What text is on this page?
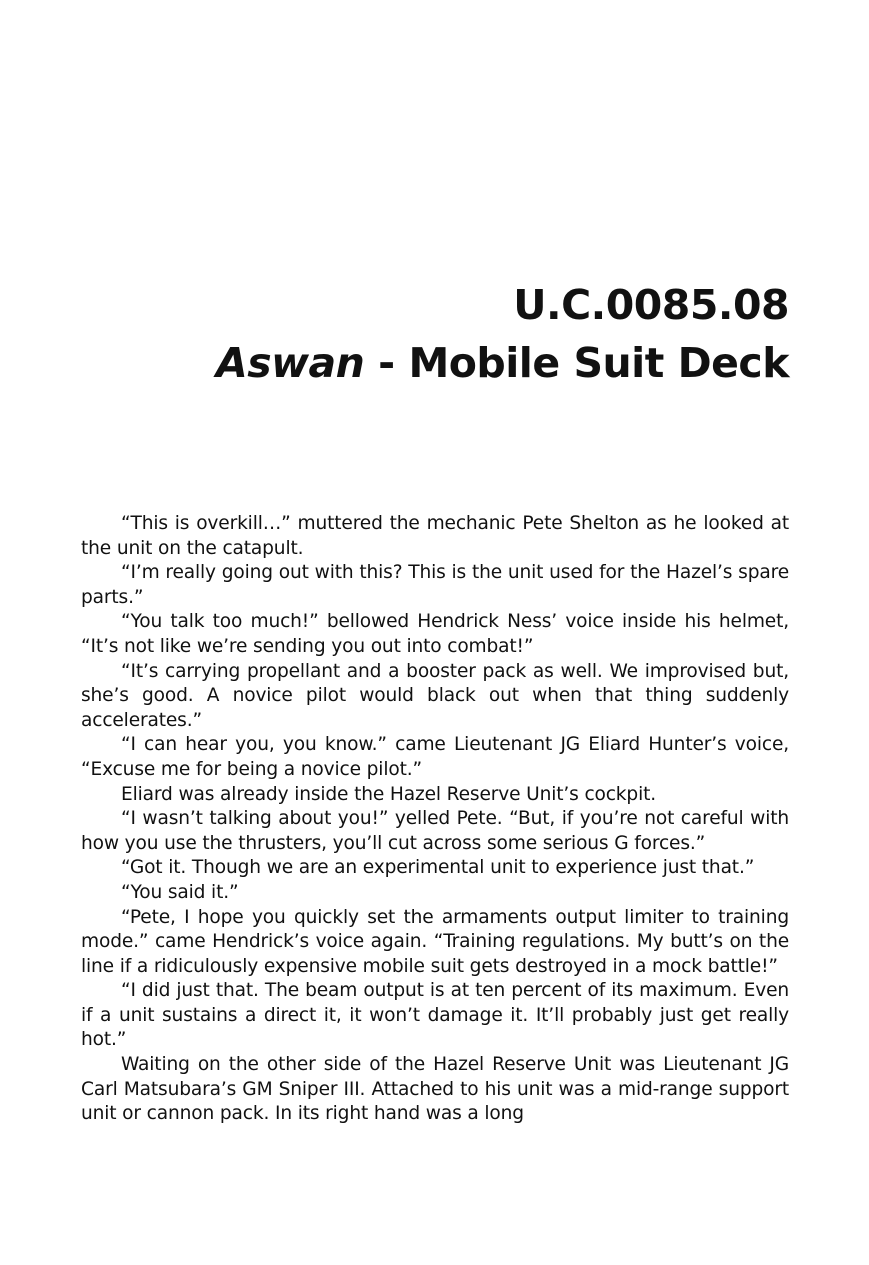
U.C.0085.08
Aswan - Mobile Suit Deck

“This is overkill…” muttered the mechanic Pete Shelton as he looked at the unit on the catapult.

“I’m really going out with this? This is the unit used for the Hazel’s spare parts.”

“You talk too much!” bellowed Hendrick Ness’ voice inside his helmet, “It’s not like we’re sending you out into combat!”

“It’s carrying propellant and a booster pack as well. We improvised but, she’s good. A novice pilot would black out when that thing suddenly accelerates.”

“I can hear you, you know.” came Lieutenant JG Eliard Hunter’s voice, “Excuse me for being a novice pilot.”

Eliard was already inside the Hazel Reserve Unit’s cockpit.

“I wasn’t talking about you!” yelled Pete. “But, if you’re not careful with how you use the thrusters, you’ll cut across some serious G forces.”

“Got it. Though we are an experimental unit to experience just that.”

“You said it.”

“Pete, I hope you quickly set the armaments output limiter to training mode.” came Hendrick’s voice again. “Training regulations. My butt’s on the line if a ridiculously expensive mobile suit gets destroyed in a mock battle!”

“I did just that. The beam output is at ten percent of its maximum. Even if a unit sustains a direct it, it won’t damage it. It’ll probably just get really hot.”

Waiting on the other side of the Hazel Reserve Unit was Lieutenant JG Carl Matsubara’s GM Sniper III. Attached to his unit was a mid-range support unit or cannon pack. In its right hand was a long
